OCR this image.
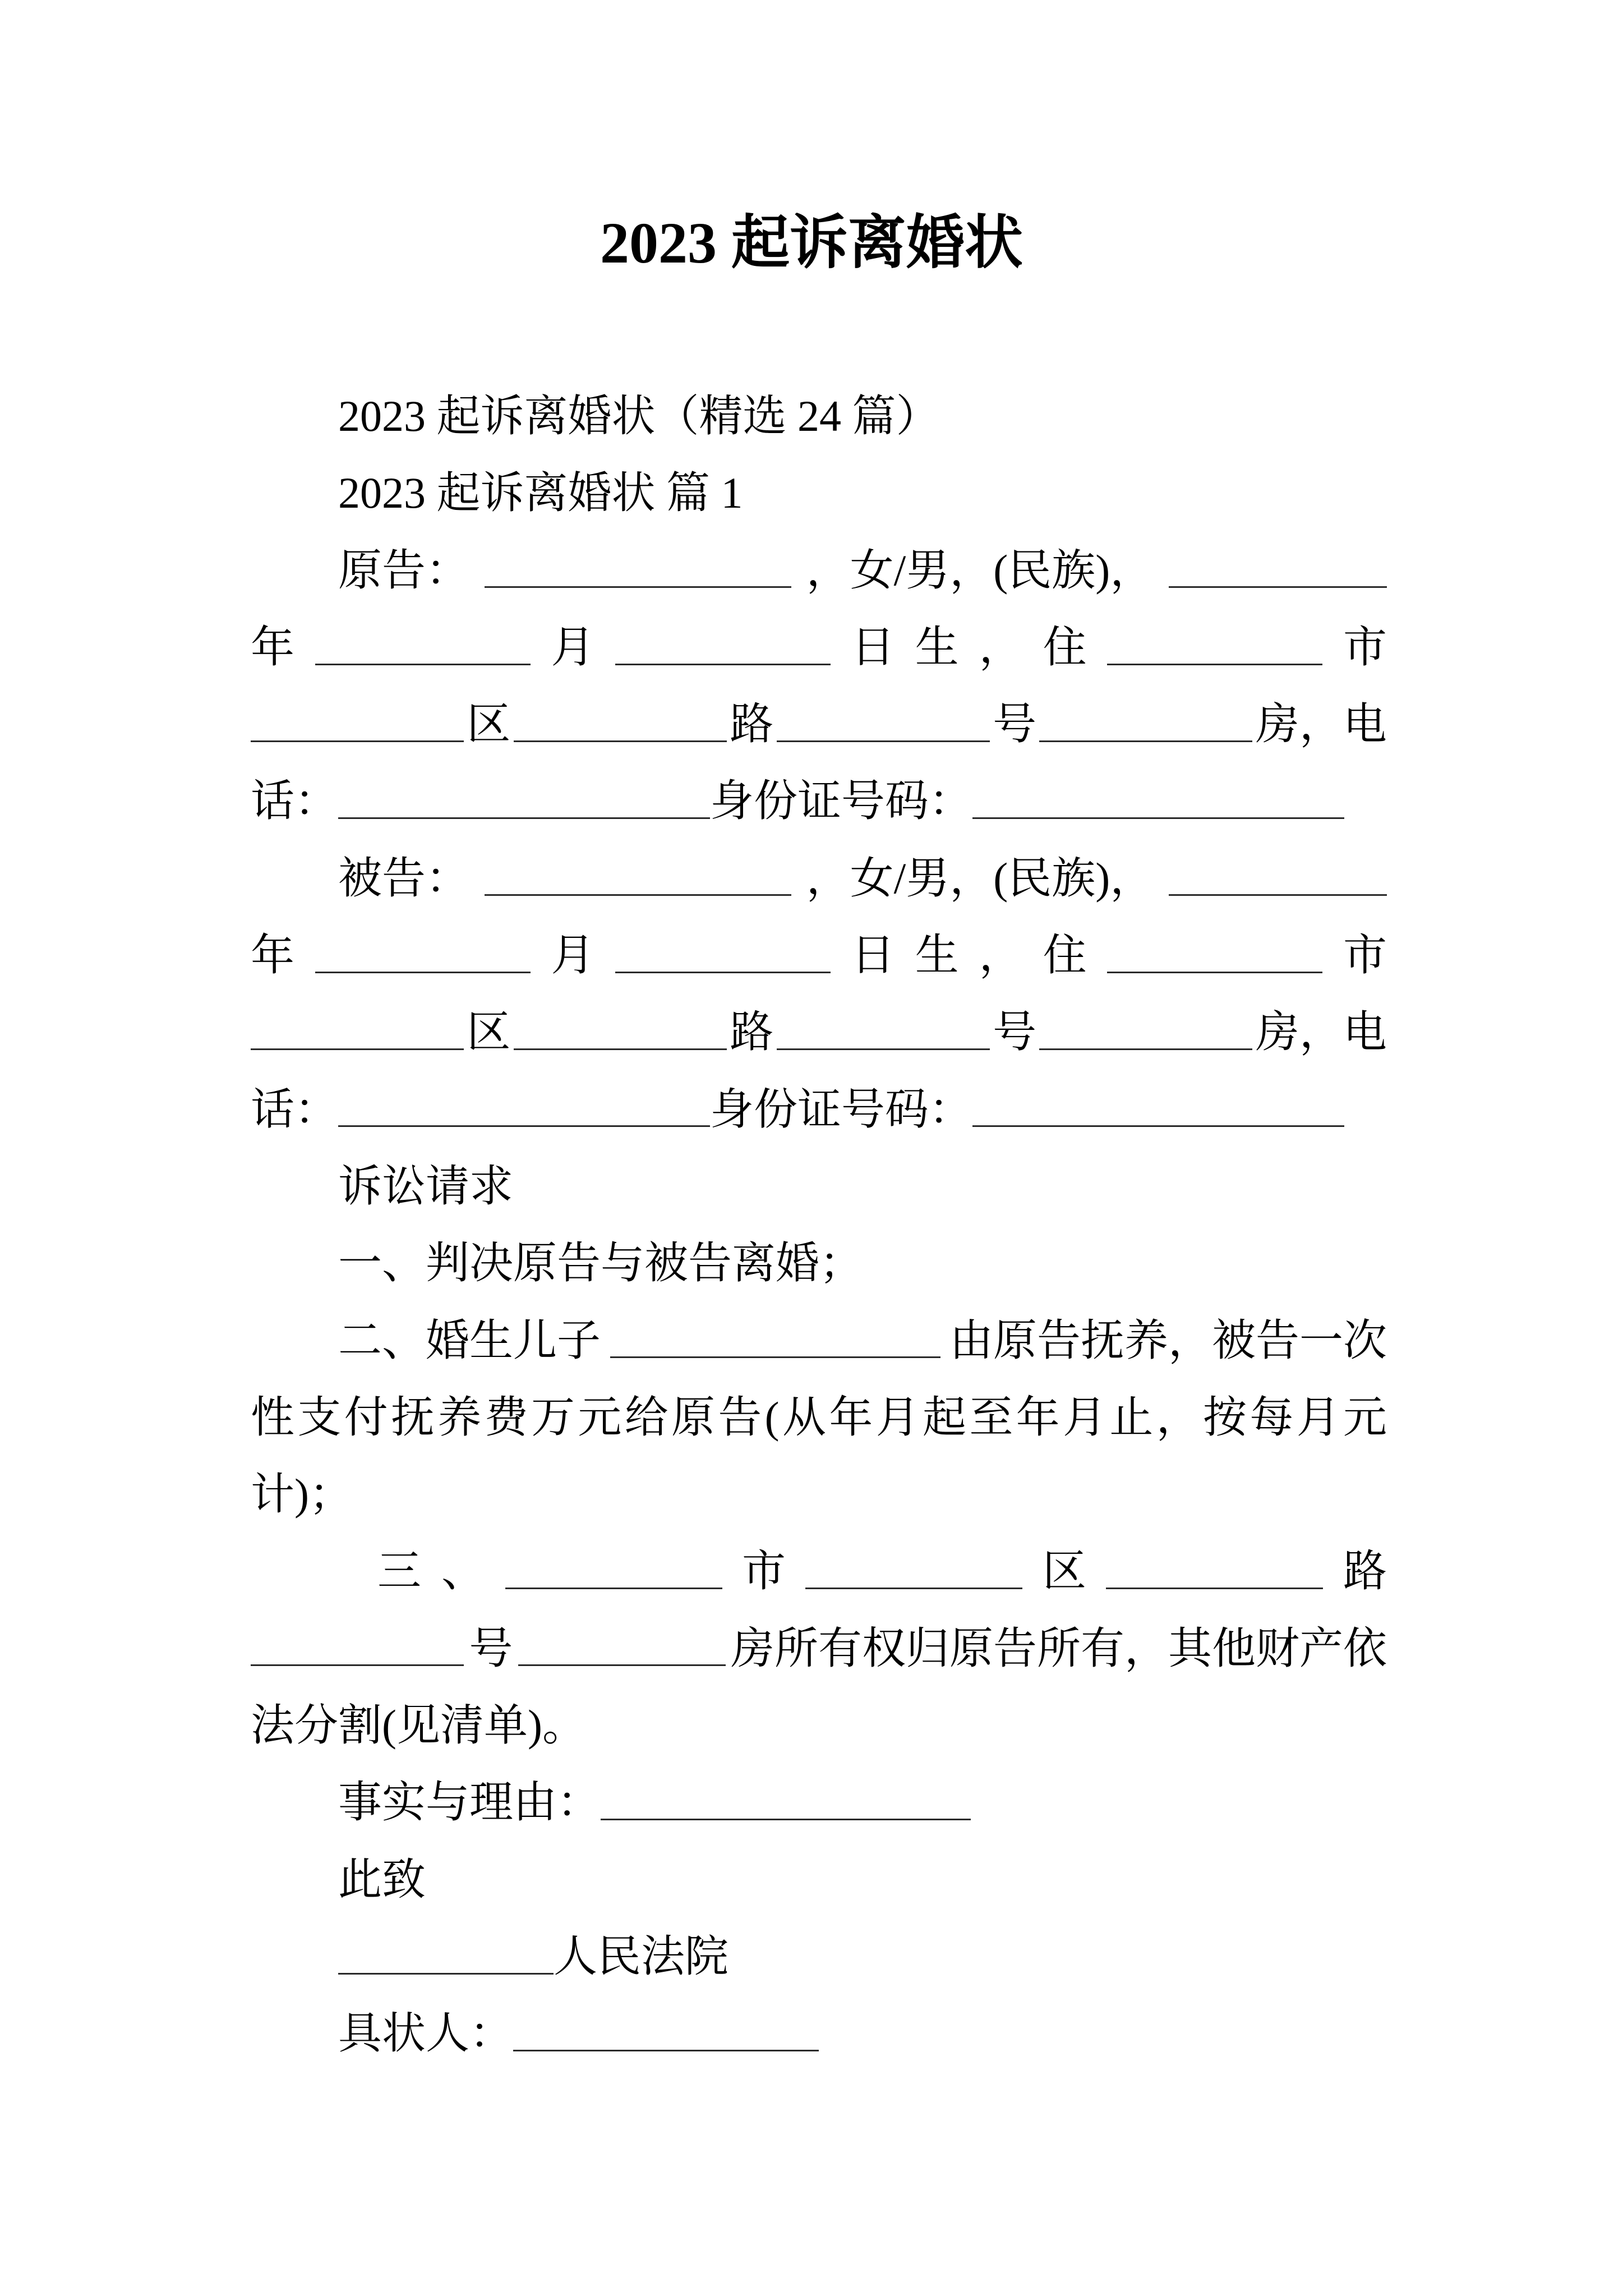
2023 起诉离婚状
2023 起诉离婚状（精选 24 篇）
2023 起诉离婚状 篇 1
原告：	，女/男，(民族)，
年	月	日生，住	市
区	路	号	房，电
话：	身份证号码：
被告：	，女/男，(民族)，
年	月	日生，住	市
区	路	号	房，电
话：	身份证号码：
诉讼请求
一、判决原告与被告离婚；
二、婚生儿子	由原告抚养，被告一次
性支付抚养费万元给原告(从年月起至年月止，按每月元
计)；
三、	市	区	路
号	房所有权归原告所有，其他财产依
法分割(见清单)。
事实与理由：
此致
人民法院
具状人：
